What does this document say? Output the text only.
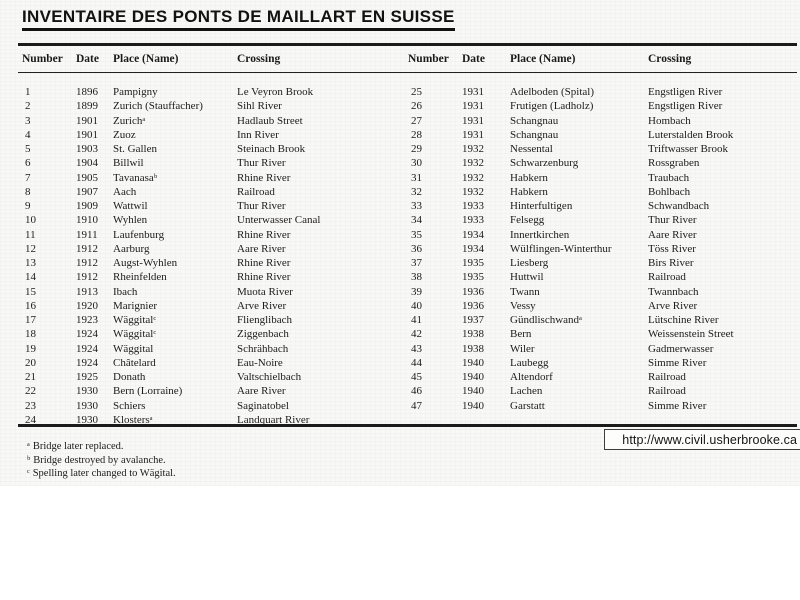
INVENTAIRE DES PONTS DE MAILLART EN SUISSE
Number	Date	Place (Name)	Crossing	Number	Date	Place (Name)	Crossing
1	1896	Pampigny	Le Veyron Brook
2	1899	Zurich (Stauffacher)	Sihl River
3	1901	Zurichᵃ	Hadlaub Street
4	1901	Zuoz	Inn River
5	1903	St. Gallen	Steinach Brook
6	1904	Billwil	Thur River
7	1905	Tavanasaᵇ	Rhine River
8	1907	Aach	Railroad
9	1909	Wattwil	Thur River
10	1910	Wyhlen	Unterwasser Canal
11	1911	Laufenburg	Rhine River
12	1912	Aarburg	Aare River
13	1912	Augst-Wyhlen	Rhine River
14	1912	Rheinfelden	Rhine River
15	1913	Ibach	Muota River
16	1920	Marignier	Arve River
17	1923	Wäggitalᶜ	Flienglibach
18	1924	Wäggitalᶜ	Ziggenbach
19	1924	Wäggital	Schrähbach
20	1924	Châtelard	Eau-Noire
21	1925	Donath	Valtschielbach
22	1930	Bern (Lorraine)	Aare River
23	1930	Schiers	Saginatobel
24	1930	Klostersᵃ	Landquart River
25	1931	Adelboden (Spital)	Engstligen River
26	1931	Frutigen (Ladholz)	Engstligen River
27	1931	Schangnau	Hombach
28	1931	Schangnau	Luterstalden Brook
29	1932	Nessental	Triftwasser Brook
30	1932	Schwarzenburg	Rossgraben
31	1932	Habkern	Traubach
32	1932	Habkern	Bohlbach
33	1933	Hinterfultigen	Schwandbach
34	1933	Felsegg	Thur River
35	1934	Innertkirchen	Aare River
36	1934	Wülflingen-Winterthur	Töss River
37	1935	Liesberg	Birs River
38	1935	Huttwil	Railroad
39	1936	Twann	Twannbach
40	1936	Vessy	Arve River
41	1937	Gündlischwandᵃ	Lütschine River
42	1938	Bern	Weissenstein Street
43	1938	Wiler	Gadmerwasser
44	1940	Laubegg	Simme River
45	1940	Altendorf	Railroad
46	1940	Lachen	Railroad
47	1940	Garstatt	Simme River
ᵃ Bridge later replaced.
ᵇ Bridge destroyed by avalanche.
ᶜ Spelling later changed to Wägital.
http://www.civil.usherbrooke.ca
